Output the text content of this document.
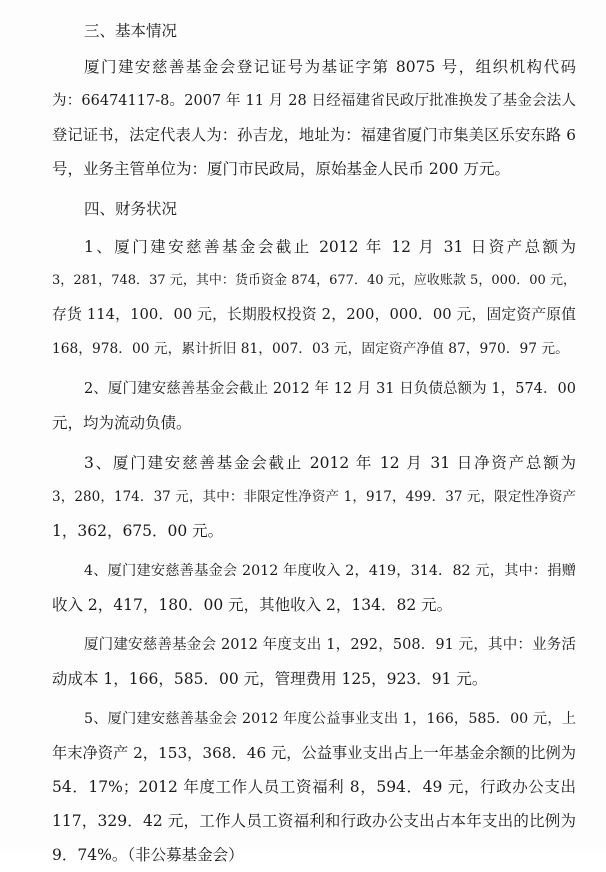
三、基本情况
厦门建安慈善基金会登记证号为基证字第 8075 号，组织机构代码
为：66474117-8。2007 年 11 月 28 日经福建省民政厅批准换发了基金会法人
登记证书，法定代表人为：孙吉龙，地址为：福建省厦门市集美区乐安东路 6
号，业务主管单位为：厦门市民政局，原始基金人民币 200 万元。
四、财务状况
1、厦门建安慈善基金会截止 2012 年 12 月 31 日资产总额为
3，281，748．37 元，其中：货币资金 874，677．40 元，应收账款 5，000．00 元，
存货 114，100．00 元，长期股权投资 2，200，000．00 元，固定资产原值
168，978．00 元，累计折旧 81，007．03 元，固定资产净值 87，970．97 元。
2、厦门建安慈善基金会截止 2012 年 12 月 31 日负债总额为 1，574．00
元，均为流动负债。
3、厦门建安慈善基金会截止 2012 年 12 月 31 日净资产总额为
3，280，174．37 元，其中：非限定性净资产 1，917，499．37 元，限定性净资产
1，362，675．00 元。
4、厦门建安慈善基金会 2012 年度收入 2，419，314．82 元，其中：捐赠
收入 2，417，180．00 元，其他收入 2，134．82 元。
厦门建安慈善基金会 2012 年度支出 1，292，508．91 元，其中：业务活
动成本 1，166，585．00 元，管理费用 125，923．91 元。
5、厦门建安慈善基金会 2012 年度公益事业支出 1，166，585．00 元，上
年末净资产 2，153，368．46 元，公益事业支出占上一年基金余额的比例为
54．17%；2012 年度工作人员工资福利 8，594．49 元，行政办公支出
117，329．42 元，工作人员工资福利和行政办公支出占本年支出的比例为
9．74%。（非公募基金会）
